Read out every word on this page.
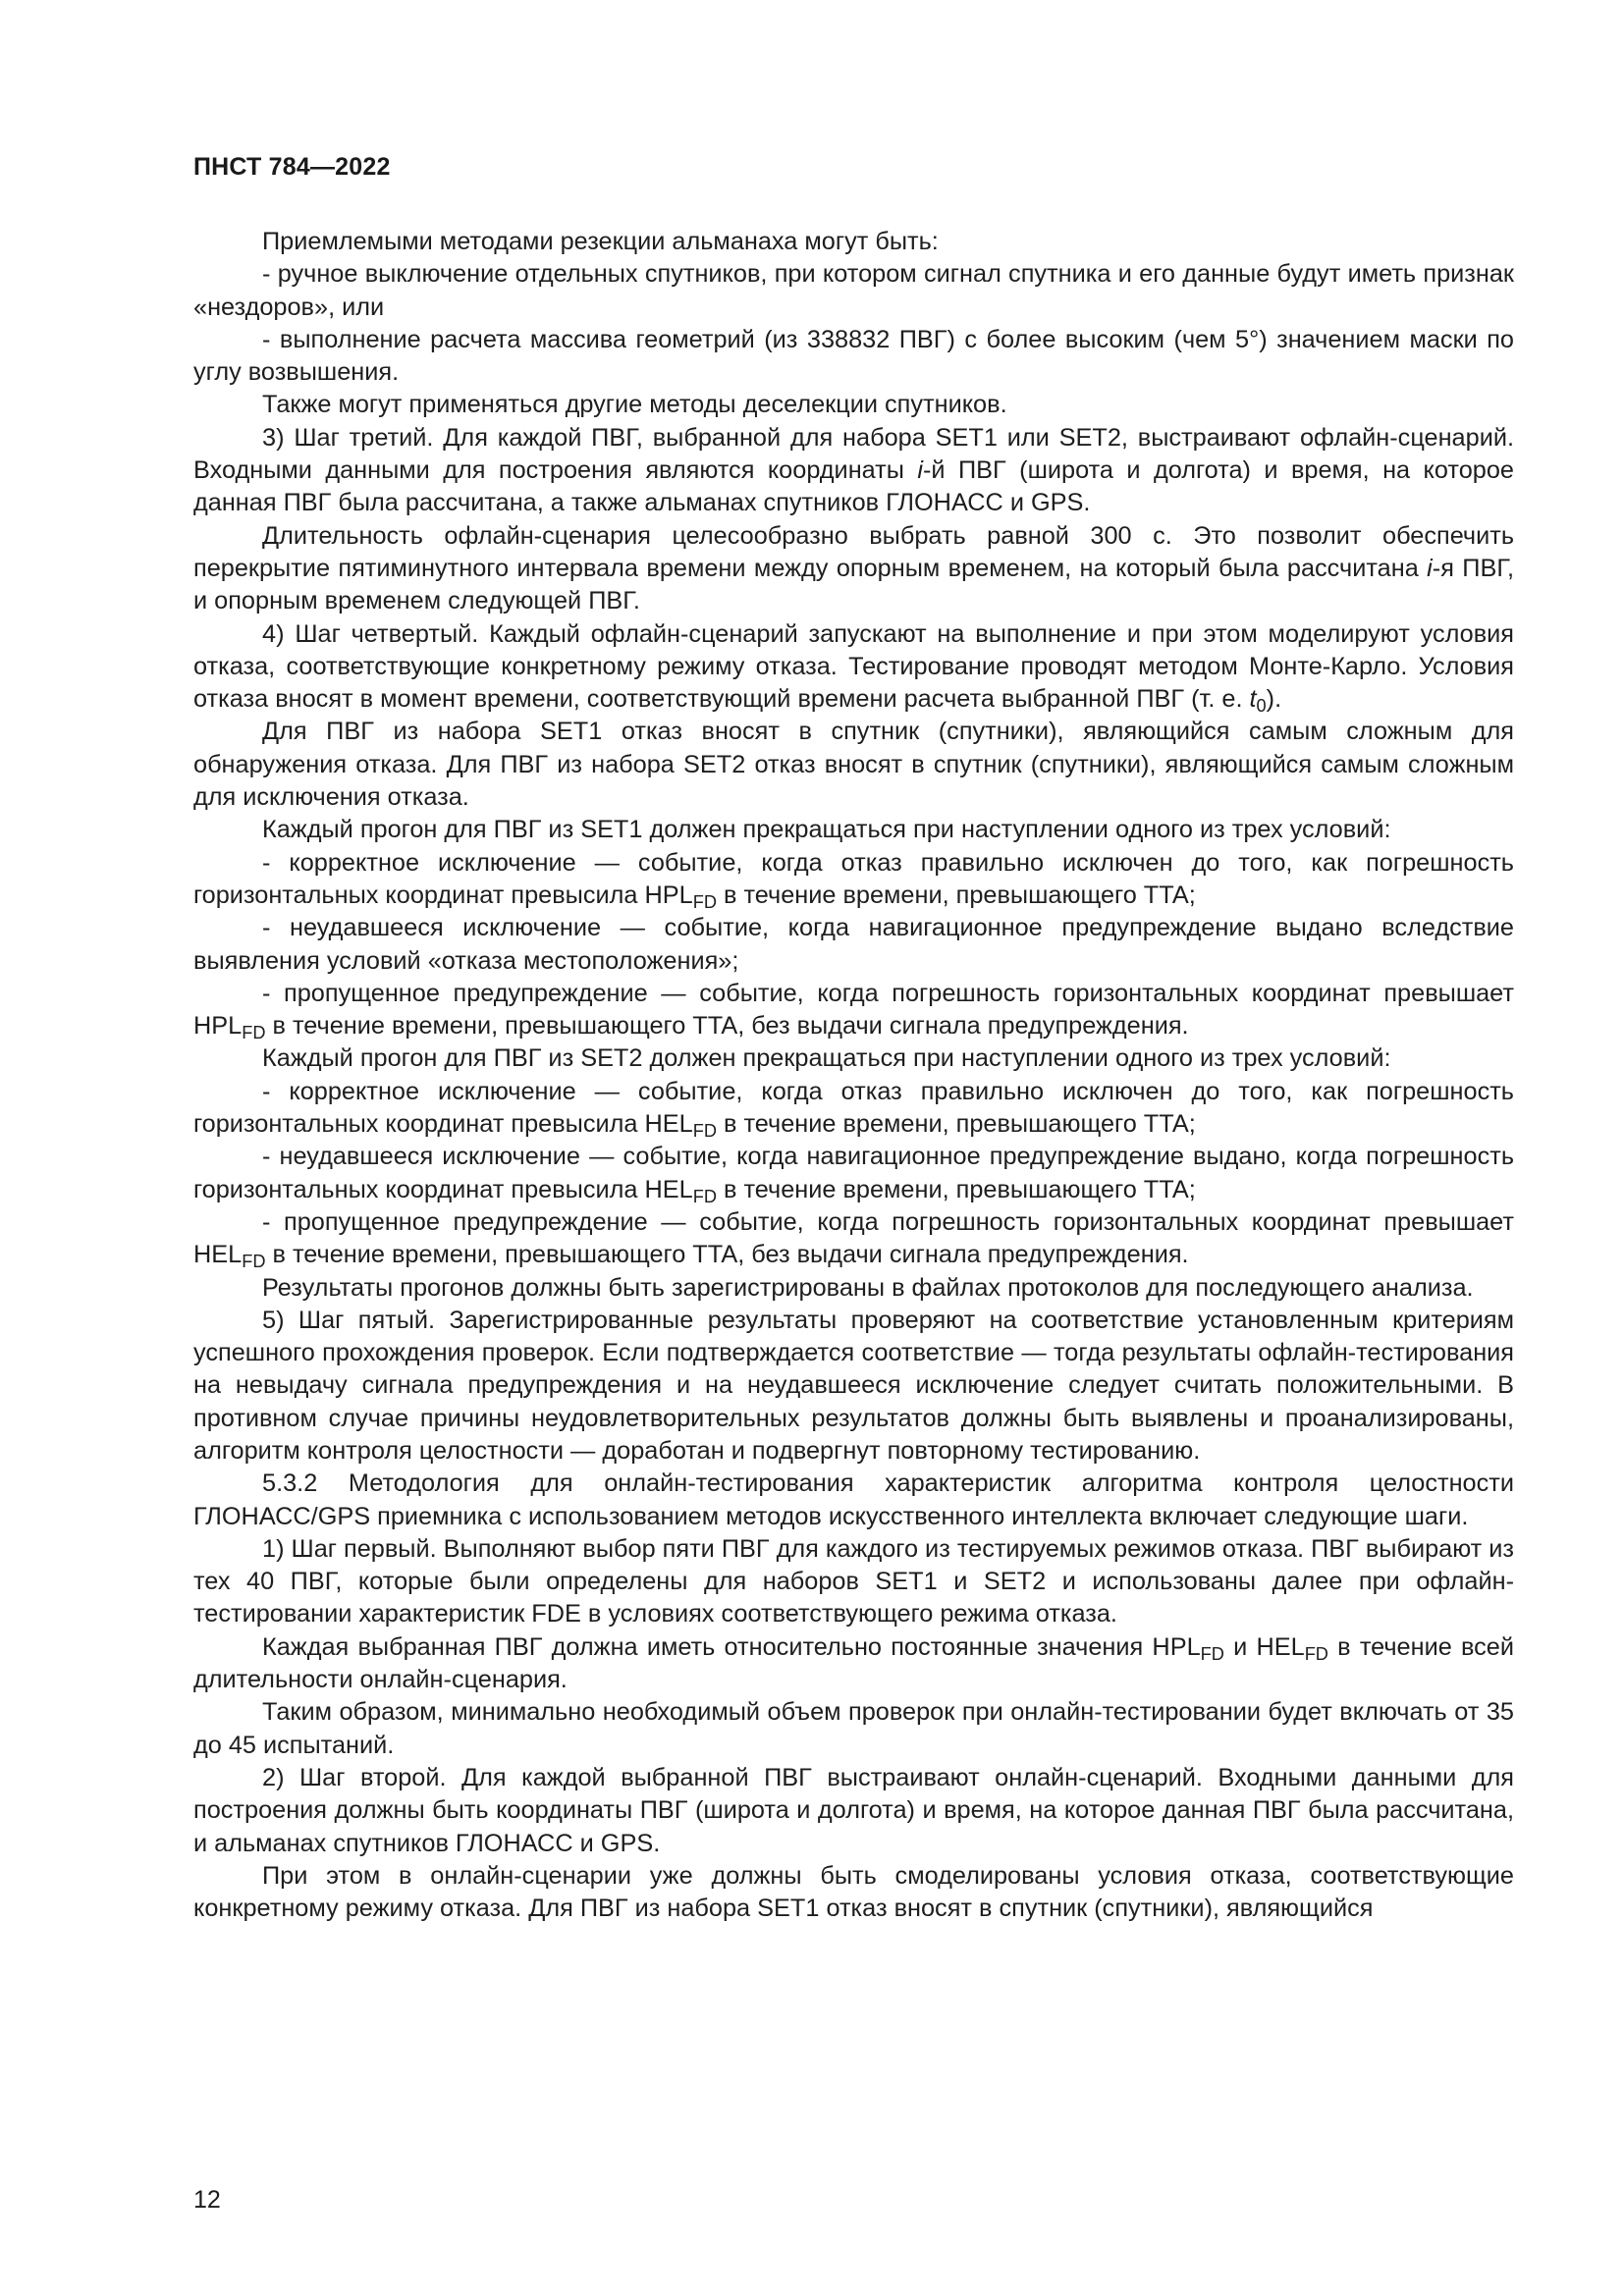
ПНСТ 784—2022

Приемлемыми методами резекции альманаха могут быть:

- ручное выключение отдельных спутников, при котором сигнал спутника и его данные будут иметь признак «нездоров», или

- выполнение расчета массива геометрий (из 338832 ПВГ) с более высоким (чем 5°) значением маски по углу возвышения.

Также могут применяться другие методы деселекции спутников.

3) Шаг третий. Для каждой ПВГ, выбранной для набора SET1 или SET2, выстраивают офлайн-сценарий. Входными данными для построения являются координаты i-й ПВГ (широта и долгота) и время, на которое данная ПВГ была рассчитана, а также альманах спутников ГЛОНАСС и GPS.

Длительность офлайн-сценария целесообразно выбрать равной 300 с. Это позволит обеспечить перекрытие пятиминутного интервала времени между опорным временем, на который была рассчитана i-я ПВГ, и опорным временем следующей ПВГ.

4) Шаг четвертый. Каждый офлайн-сценарий запускают на выполнение и при этом моделируют условия отказа, соответствующие конкретному режиму отказа. Тестирование проводят методом Монте-Карло. Условия отказа вносят в момент времени, соответствующий времени расчета выбранной ПВГ (т. е. $t_0$).

Для ПВГ из набора SET1 отказ вносят в спутник (спутники), являющийся самым сложным для обнаружения отказа. Для ПВГ из набора SET2 отказ вносят в спутник (спутники), являющийся самым сложным для исключения отказа.

Каждый прогон для ПВГ из SET1 должен прекращаться при наступлении одного из трех условий:

- корректное исключение — событие, когда отказ правильно исключен до того, как погрешность горизонтальных координат превысила $HPL_{FD}$ в течение времени, превышающего TTA;

- неудавшееся исключение — событие, когда навигационное предупреждение выдано вследствие выявления условий «отказа местоположения»;

- пропущенное предупреждение — событие, когда погрешность горизонтальных координат превышает $HPL_{FD}$ в течение времени, превышающего TTA, без выдачи сигнала предупреждения.

Каждый прогон для ПВГ из SET2 должен прекращаться при наступлении одного из трех условий:

- корректное исключение — событие, когда отказ правильно исключен до того, как погрешность горизонтальных координат превысила $HEL_{FD}$ в течение времени, превышающего TTA;

- неудавшееся исключение — событие, когда навигационное предупреждение выдано, когда погрешность горизонтальных координат превысила $HEL_{FD}$ в течение времени, превышающего TTA;

- пропущенное предупреждение — событие, когда погрешность горизонтальных координат превышает $HEL_{FD}$ в течение времени, превышающего TTA, без выдачи сигнала предупреждения.

Результаты прогонов должны быть зарегистрированы в файлах протоколов для последующего анализа.

5) Шаг пятый. Зарегистрированные результаты проверяют на соответствие установленным критериям успешного прохождения проверок. Если подтверждается соответствие — тогда результаты офлайн-тестирования на невыдачу сигнала предупреждения и на неудавшееся исключение следует считать положительными. В противном случае причины неудовлетворительных результатов должны быть выявлены и проанализированы, алгоритм контроля целостности — доработан и подвергнут повторному тестированию.

5.3.2 Методология для онлайн-тестирования характеристик алгоритма контроля целостности ГЛОНАСС/GPS приемника с использованием методов искусственного интеллекта включает следующие шаги.

1) Шаг первый. Выполняют выбор пяти ПВГ для каждого из тестируемых режимов отказа. ПВГ выбирают из тех 40 ПВГ, которые были определены для наборов SET1 и SET2 и использованы далее при офлайн-тестировании характеристик FDE в условиях соответствующего режима отказа.

Каждая выбранная ПВГ должна иметь относительно постоянные значения $HPL_{FD}$ и $HEL_{FD}$ в течение всей длительности онлайн-сценария.

Таким образом, минимально необходимый объем проверок при онлайн-тестировании будет включать от 35 до 45 испытаний.

2) Шаг второй. Для каждой выбранной ПВГ выстраивают онлайн-сценарий. Входными данными для построения должны быть координаты ПВГ (широта и долгота) и время, на которое данная ПВГ была рассчитана, и альманах спутников ГЛОНАСС и GPS.

При этом в онлайн-сценарии уже должны быть смоделированы условия отказа, соответствующие конкретному режиму отказа. Для ПВГ из набора SET1 отказ вносят в спутник (спутники), являющийся

12
